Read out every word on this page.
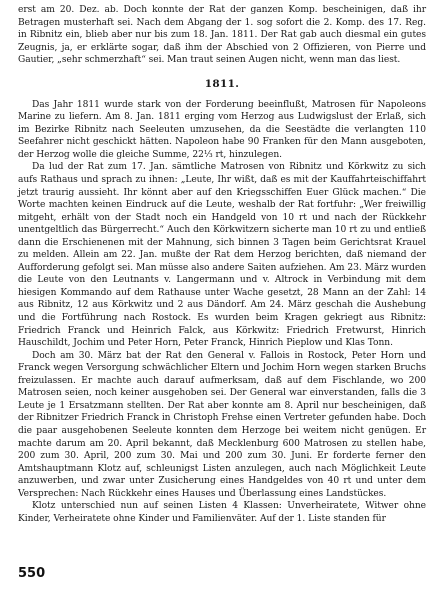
erst am 20. Dez. ab. Doch konnte der Rat der ganzen Komp. bescheinigen, daß ihr Betragen musterhaft sei. Nach dem Abgang der 1. sog sofort die 2. Komp. des 17. Reg. in Ribnitz ein, blieb aber nur bis zum 18. Jan. 1811. Der Rat gab auch diesmal ein gutes Zeugnis, ja, er erklärte sogar, daß ihm der Abschied von 2 Offizieren, von Pierre und Gautier, „sehr schmerzhaft“ sei. Man traut seinen Augen nicht, wenn man das liest.

1811.

Das Jahr 1811 wurde stark von der Forderung beeinflußt, Matrosen für Napoleons Marine zu liefern. Am 8. Jan. 1811 erging vom Herzog aus Ludwigslust der Erlaß, sich im Bezirke Ribnitz nach Seeleuten umzusehen, da die Seestädte die verlangten 110 Seefahrer nicht geschickt hätten. Napoleon habe 90 Franken für den Mann ausgeboten, der Herzog wolle die gleiche Summe, 22⅓ rt, hinzulegen.

Da lud der Rat zum 17. Jan. sämtliche Matrosen von Ribnitz und Körkwitz zu sich aufs Rathaus und sprach zu ihnen: „Leute, Ihr wißt, daß es mit der Kauffahrteischiffahrt jetzt traurig aussieht. Ihr könnt aber auf den Kriegsschiffen Euer Glück machen.“ Die Worte machten keinen Eindruck auf die Leute, weshalb der Rat fortfuhr: „Wer freiwillig mitgeht, erhält von der Stadt noch ein Handgeld von 10 rt und nach der Rückkehr unentgeltlich das Bürgerrecht.“ Auch den Körkwitzern sicherte man 10 rt zu und entließ dann die Erschienenen mit der Mahnung, sich binnen 3 Tagen beim Gerichtsrat Krauel zu melden. Allein am 22. Jan. mußte der Rat dem Herzog berichten, daß niemand der Aufforderung gefolgt sei. Man müsse also andere Saiten aufziehen. Am 23. März wurden die Leute von den Leutnants v. Langermann und v. Altrock in Verbindung mit dem hiesigen Kommando auf dem Rathause unter Wache gesetzt, 28 Mann an der Zahl: 14 aus Ribnitz, 12 aus Körkwitz und 2 aus Dändorf. Am 24. März geschah die Aushebung und die Fortführung nach Rostock. Es wurden beim Kragen gekriegt aus Ribnitz: Friedrich Franck und Heinrich Falck, aus Körkwitz: Friedrich Fretwurst, Hinrich Hauschildt, Jochim und Peter Horn, Peter Franck, Hinrich Pieplow und Klas Tonn.

Doch am 30. März bat der Rat den General v. Fallois in Rostock, Peter Horn und Franck wegen Versorgung schwächlicher Eltern und Jochim Horn wegen starken Bruchs freizulassen. Er machte auch darauf aufmerksam, daß auf dem Fischlande, wo 200 Matrosen seien, noch keiner ausgehoben sei. Der General war einverstanden, falls die 3 Leute je 1 Ersatzmann stellten. Der Rat aber konnte am 8. April nur bescheinigen, daß der Ribnitzer Friedrich Franck in Christoph Frehse einen Vertreter gefunden habe. Doch die paar ausgehobenen Seeleute konnten dem Herzoge bei weitem nicht genügen. Er machte darum am 20. April bekannt, daß Mecklenburg 600 Matrosen zu stellen habe, 200 zum 30. April, 200 zum 30. Mai und 200 zum 30. Juni. Er forderte ferner den Amtshauptmann Klotz auf, schleunigst Listen anzulegen, auch nach Möglichkeit Leute anzuwerben, und zwar unter Zusicherung eines Handgeldes von 40 rt und unter dem Versprechen: Nach Rückkehr eines Hauses und Überlassung eines Landstückes.

Klotz unterschied nun auf seinen Listen 4 Klassen: Unverheiratete, Witwer ohne Kinder, Verheiratete ohne Kinder und Familienväter. Auf der 1. Liste standen für

550
